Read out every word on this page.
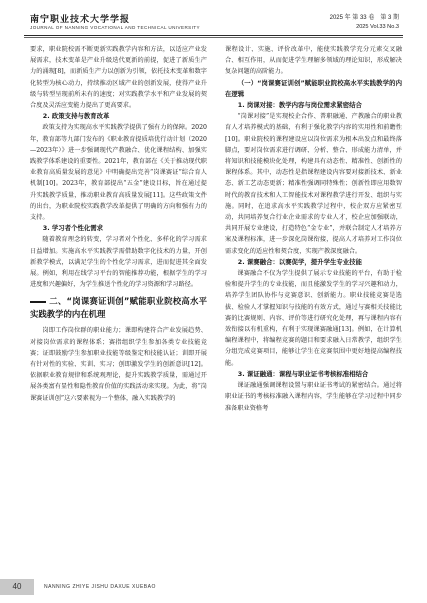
南宁职业技术大学学报
JOURNAL OF NANNING VOCATIONAL AND TECHNICAL UNIVERSITY
2025 年 第 33 卷　第 3 期
2025 Vol.33 No.3

要求，职业院校需不断更新实践教学内容和方法，以适应产业发展需求，技术变革是产业升级迭代更新的前提，促进了新质生产力的涌现[8]，而新质生产力以创新为引领，依托技术变革和数字化转型为核心动力，持续推动区域产业的创新发展，使得产业升级与转型呈现前所未有的速度；对实践教学水平和产业发展的契合度及灵活应变能力提出了更高要求。

2. 政策支持与教育改革

政策支持为实现高水平实践教学提供了强有力的保障。2020年，教育部等九部门发布的《职业教育提质培优行动计划（2020—2023年）》进一步强调现代产教融合、优化课程结构、加强实践教学体系建设的重要性。2021年，教育部在《关于推动现代职业教育高质量发展的意见》中明确提出完善“岗课赛证”综合育人机制[10]。2023年，教育部提出“五金”建设目标，旨在通过提升实践教学质量，推动职业教育高质量发展[11]。这些政策文件的出台，为职业院校实践教学改革提供了明确的方向和强有力的支持。

3. 学习者个性化需求

随着教育理念的转变，学习者对个性化、多样化的学习需求日益增加。实施高水平实践教学需借助数字化技术的力量，开创新教学模式，以满足学生的个性化学习需求，进而促进其全面发展。例如，利用在线学习平台的智能推荐功能，根据学生的学习进度和兴趣偏好，为学生推送个性化的学习资源和学习路径。

二、“岗课赛证训创”赋能职业院校高水平实践教学的内在机理

岗即工作岗位群的职业能力；课即构建符合产业发展趋势、对接岗位需求的课程体系；赛指组织学生参加各类专业技能竞赛；证即鼓励学生参加职业技能等级鉴定和技能认证；训即开展有针对性的实验、实训、实习；创即激发学生的创新意识[12]。依据职业教育规律和系统观理论，提升实践教学质量，需通过开展各类富有显性和隐性教育价值的实践活动来实现。为此，将“岗课赛证训创”这六要素视为一个整体，融入实践教学的

课程设计、实施、评价改革中，能使实践教学充分元素交叉融合、相互作用，从而促进学生理解多领域的理论知识，形成解决复杂问题的高阶能力。

（一）“岗课赛证训创”赋能职业院校高水平实践教学的内在逻辑

1. 岗课对接：教学内容与岗位需求紧密结合

“岗课对接”是实现校企合作、普职融通、产教融合的职业教育人才培养模式的基础，有利于强化教学内容的实用性和前瞻性[10]。职业院校的课程建设应以岗位需求为根本出发点和最终落脚点，要对岗位需求进行调研、分析、整合、形成能力清单，并将知识和技能模块化处理，构建具有动态性、精准性、创新性的课程体系。其中，动态性是指课程建设内容要对接新技术、新业态、新工艺动态更新；精准性强调同特殊性；创新性即应用数智时代的教育技术和人工智能技术对课程教学进行开发、组织与实施。同时，在追求高水平实践教学过程中，校企双方应紧密互动，共同培养复合行业企业需求的专业人才，校企应加强联动，共同开展专业建设，打造特色“金专业”，并联合制定人才培养方案及课程标准，进一步深化岗课衔接，提高人才培养对工作岗位需求变化的适应性和契合度，实现产教深度融合。

2. 课赛融合：以赛促学，提升学生专业技能

课赛融合不仅为学生提供了展示专业技能的平台，有助于检验和提升学生的专业技能，而且能激发学生的学习兴趣和动力，培养学生团队协作与竞赛意识、创新能力。职业技能竞赛是选拔、检验人才掌握知识与技能的有效方式，通过与赛相关技能比赛的比赛规则、内容、评价等进行研究化处理，再与课程内容有效衔接以有机重构，有利于实现课赛融通[13]。例如，在计算机编程课程中，将编程竞赛的题目和要求融入日常教学，组织学生分组完成竞赛项目，能够让学生在竞赛氛围中更好地提高编程技能。

3. 课证融通：课程与职业证书考核标准相结合

课证融通强调课程设置与职业证书考试的紧密结合。通过将职业证书的考核标准融入课程内容，学生能够在学习过程中同步准备职业资格考

40	NANNING ZHIYE JISHU DAXUE XUEBAO
